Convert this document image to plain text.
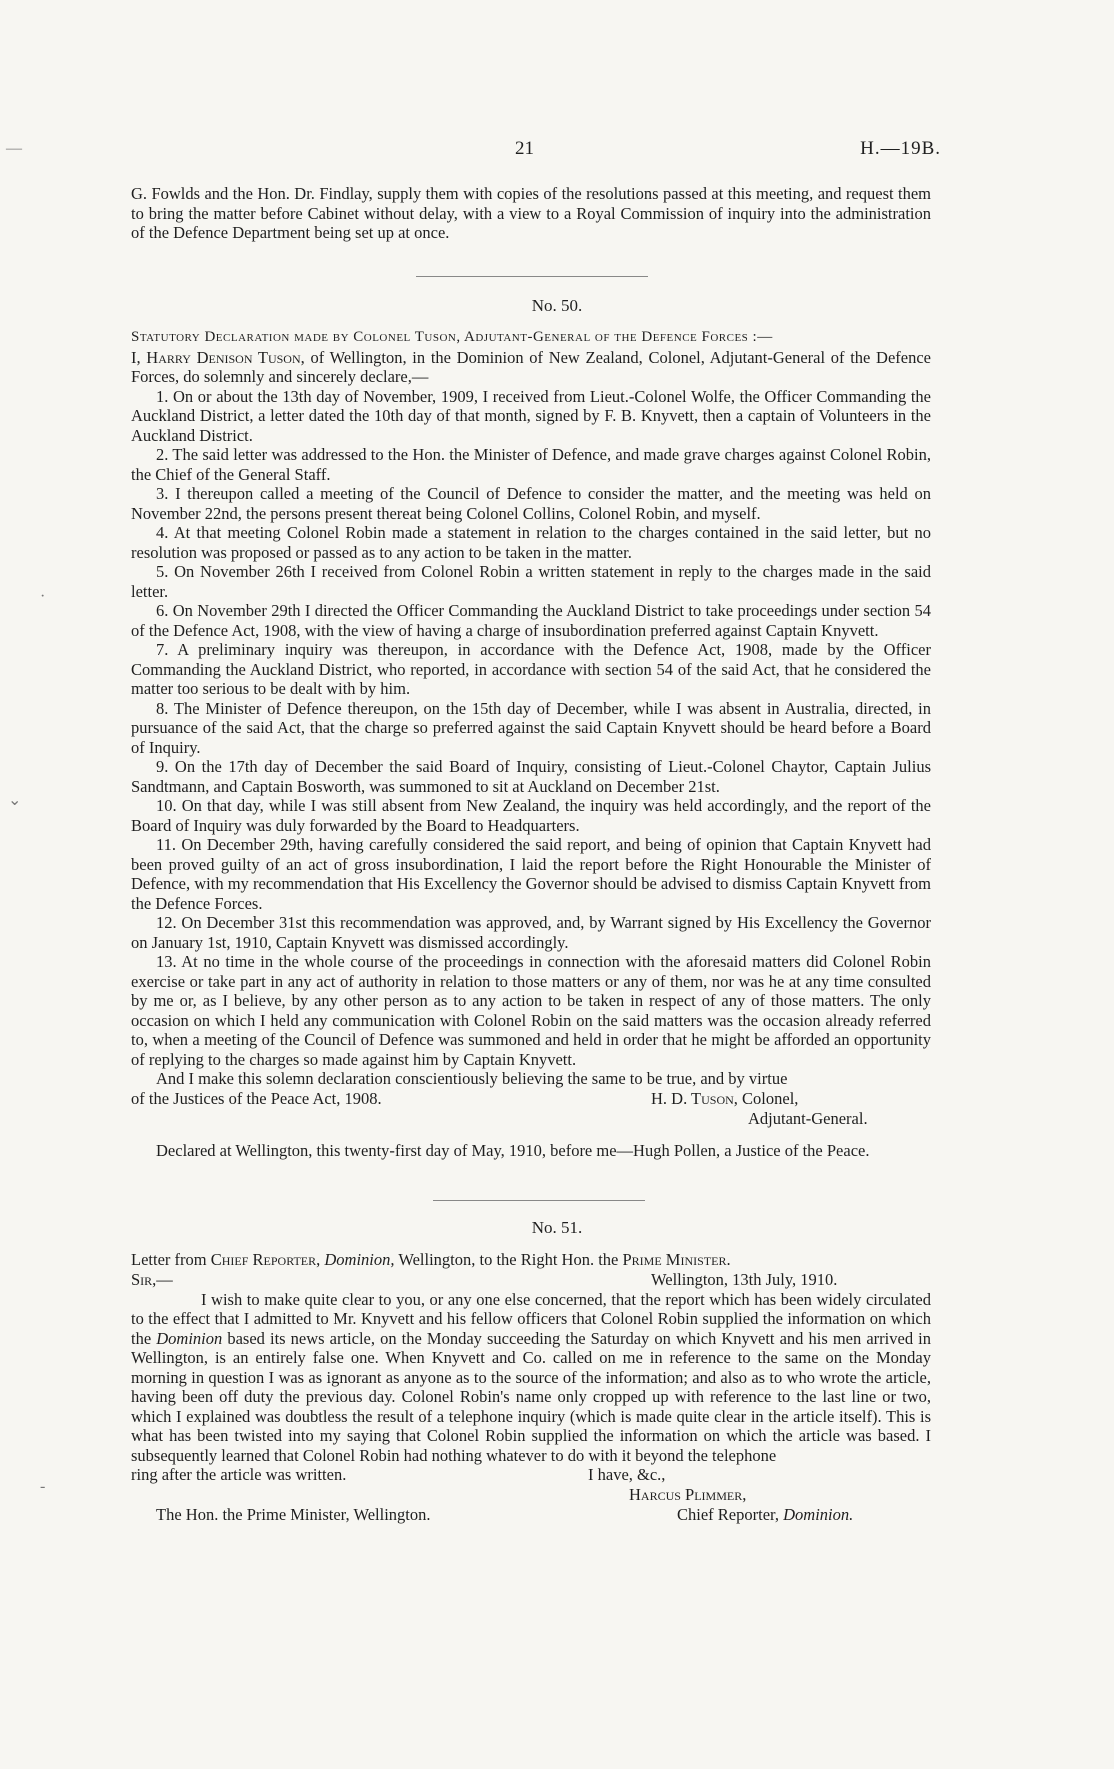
—
·
⌄
-
21	H.—19B.

G. Fowlds and the Hon. Dr. Findlay, supply them with copies of the resolutions passed at this meeting, and request them to bring the matter before Cabinet without delay, with a view to a Royal Commission of inquiry into the administration of the Defence Department being set up at once.

No. 50.

Statutory Declaration made by Colonel Tuson, Adjutant-General of the Defence Forces :—

I, Harry Denison Tuson, of Wellington, in the Dominion of New Zealand, Colonel, Adjutant-General of the Defence Forces, do solemnly and sincerely declare,—

1. On or about the 13th day of November, 1909, I received from Lieut.-Colonel Wolfe, the Officer Commanding the Auckland District, a letter dated the 10th day of that month, signed by F. B. Knyvett, then a captain of Volunteers in the Auckland District.

2. The said letter was addressed to the Hon. the Minister of Defence, and made grave charges against Colonel Robin, the Chief of the General Staff.

3. I thereupon called a meeting of the Council of Defence to consider the matter, and the meeting was held on November 22nd, the persons present thereat being Colonel Collins, Colonel Robin, and myself.

4. At that meeting Colonel Robin made a statement in relation to the charges contained in the said letter, but no resolution was proposed or passed as to any action to be taken in the matter.

5. On November 26th I received from Colonel Robin a written statement in reply to the charges made in the said letter.

6. On November 29th I directed the Officer Commanding the Auckland District to take proceedings under section 54 of the Defence Act, 1908, with the view of having a charge of insubordination preferred against Captain Knyvett.

7. A preliminary inquiry was thereupon, in accordance with the Defence Act, 1908, made by the Officer Commanding the Auckland District, who reported, in accordance with section 54 of the said Act, that he considered the matter too serious to be dealt with by him.

8. The Minister of Defence thereupon, on the 15th day of December, while I was absent in Australia, directed, in pursuance of the said Act, that the charge so preferred against the said Captain Knyvett should be heard before a Board of Inquiry.

9. On the 17th day of December the said Board of Inquiry, consisting of Lieut.-Colonel Chaytor, Captain Julius Sandtmann, and Captain Bosworth, was summoned to sit at Auckland on December 21st.

10. On that day, while I was still absent from New Zealand, the inquiry was held accordingly, and the report of the Board of Inquiry was duly forwarded by the Board to Headquarters.

11. On December 29th, having carefully considered the said report, and being of opinion that Captain Knyvett had been proved guilty of an act of gross insubordination, I laid the report before the Right Honourable the Minister of Defence, with my recommendation that His Excellency the Governor should be advised to dismiss Captain Knyvett from the Defence Forces.

12. On December 31st this recommendation was approved, and, by Warrant signed by His Excellency the Governor on January 1st, 1910, Captain Knyvett was dismissed accordingly.

13. At no time in the whole course of the proceedings in connection with the aforesaid matters did Colonel Robin exercise or take part in any act of authority in relation to those matters or any of them, nor was he at any time consulted by me or, as I believe, by any other person as to any action to be taken in respect of any of those matters. The only occasion on which I held any communication with Colonel Robin on the said matters was the occasion already referred to, when a meeting of the Council of Defence was summoned and held in order that he might be afforded an opportunity of replying to the charges so made against him by Captain Knyvett.

And I make this solemn declaration conscientiously believing the same to be true, and by virtue

of the Justices of the Peace Act, 1908.	H. D. Tuson, Colonel,
Adjutant-General.

Declared at Wellington, this twenty-first day of May, 1910, before me—Hugh Pollen, a Justice of the Peace.

No. 51.

Letter from Chief Reporter, Dominion, Wellington, to the Right Hon. the Prime Minister.

Sir,—	Wellington, 13th July, 1910.

I wish to make quite clear to you, or any one else concerned, that the report which has been widely circulated to the effect that I admitted to Mr. Knyvett and his fellow officers that Colonel Robin supplied the information on which the Dominion based its news article, on the Monday succeeding the Saturday on which Knyvett and his men arrived in Wellington, is an entirely false one. When Knyvett and Co. called on me in reference to the same on the Monday morning in question I was as ignorant as anyone as to the source of the information; and also as to who wrote the article, having been off duty the previous day. Colonel Robin's name only cropped up with reference to the last line or two, which I explained was doubtless the result of a telephone inquiry (which is made quite clear in the article itself). This is what has been twisted into my saying that Colonel Robin supplied the information on which the article was based. I subsequently learned that Colonel Robin had nothing whatever to do with it beyond the telephone

ring after the article was written.	I have, &c.,
Harcus Plimmer,
The Hon. the Prime Minister, Wellington.	Chief Reporter, Dominion.
